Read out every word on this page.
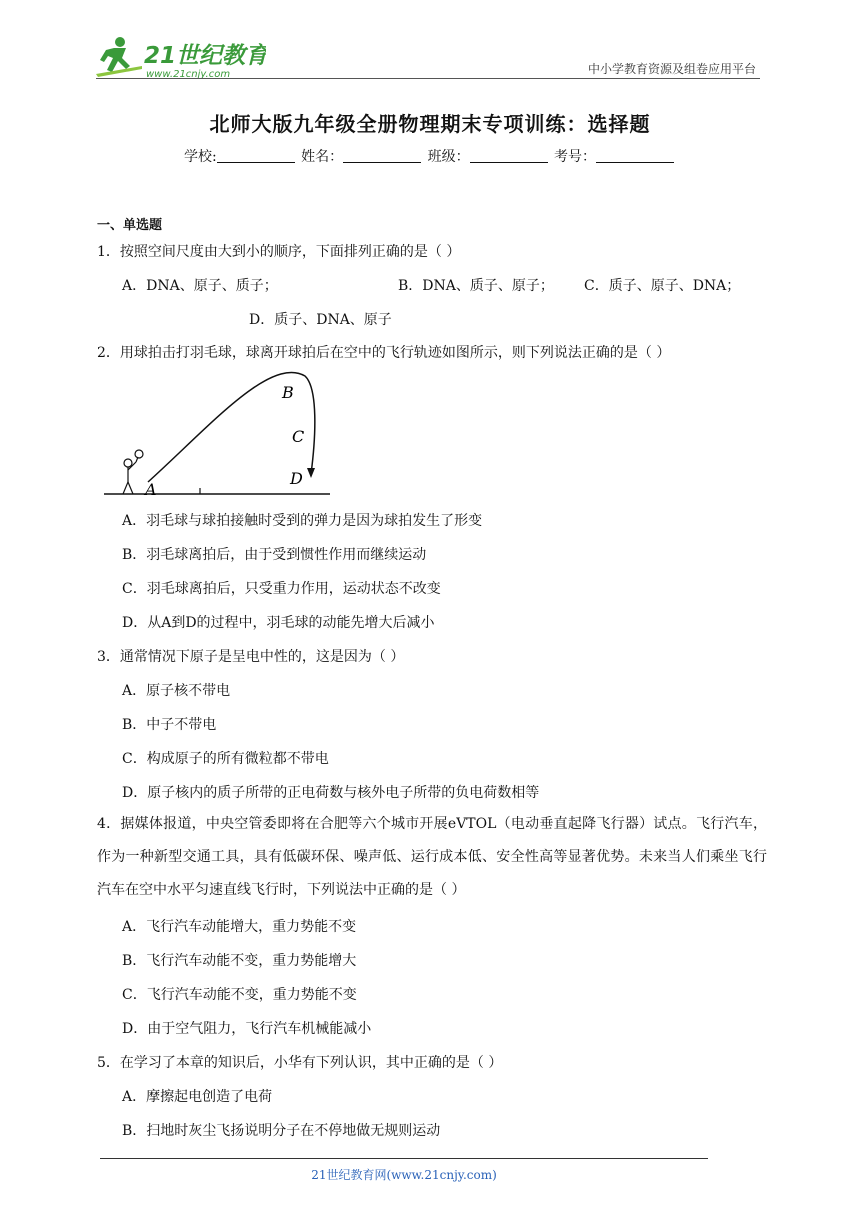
21世纪教育
www.21cnjy.com	中小学教育资源及组卷应用平台
北师大版九年级全册物理期末专项训练：选择题
学校:	姓名：	班级：	考号：
一、单选题
1．按照空间尺度由大到小的顺序，下面排列正确的是（ ）
A．DNA、原子、质子；	B．DNA、质子、原子； C．质子、原子、DNA；
D．质子、DNA、原子
2．用球拍击打羽毛球，球离开球拍后在空中的飞行轨迹如图所示，则下列说法正确的是（ ）
A
B
C
D
A．羽毛球与球拍接触时受到的弹力是因为球拍发生了形变
B．羽毛球离拍后，由于受到惯性作用而继续运动
C．羽毛球离拍后，只受重力作用，运动状态不改变
D．从A到D的过程中，羽毛球的动能先增大后减小
3．通常情况下原子是呈电中性的，这是因为（ ）
A．原子核不带电
B．中子不带电
C．构成原子的所有微粒都不带电
D．原子核内的质子所带的正电荷数与核外电子所带的负电荷数相等
4．据媒体报道，中央空管委即将在合肥等六个城市开展eVTOL（电动垂直起降飞行器）试点。飞行汽车，作为一种新型交通工具，具有低碳环保、噪声低、运行成本低、安全性高等显著优势。未来当人们乘坐飞行汽车在空中水平匀速直线飞行时，下列说法中正确的是（ ）
A．飞行汽车动能增大，重力势能不变
B．飞行汽车动能不变，重力势能增大
C．飞行汽车动能不变，重力势能不变
D．由于空气阻力，飞行汽车机械能减小
5．在学习了本章的知识后，小华有下列认识，其中正确的是（ ）
A．摩擦起电创造了电荷
B．扫地时灰尘飞扬说明分子在不停地做无规则运动
21世纪教育网(www.21cnjy.com)
